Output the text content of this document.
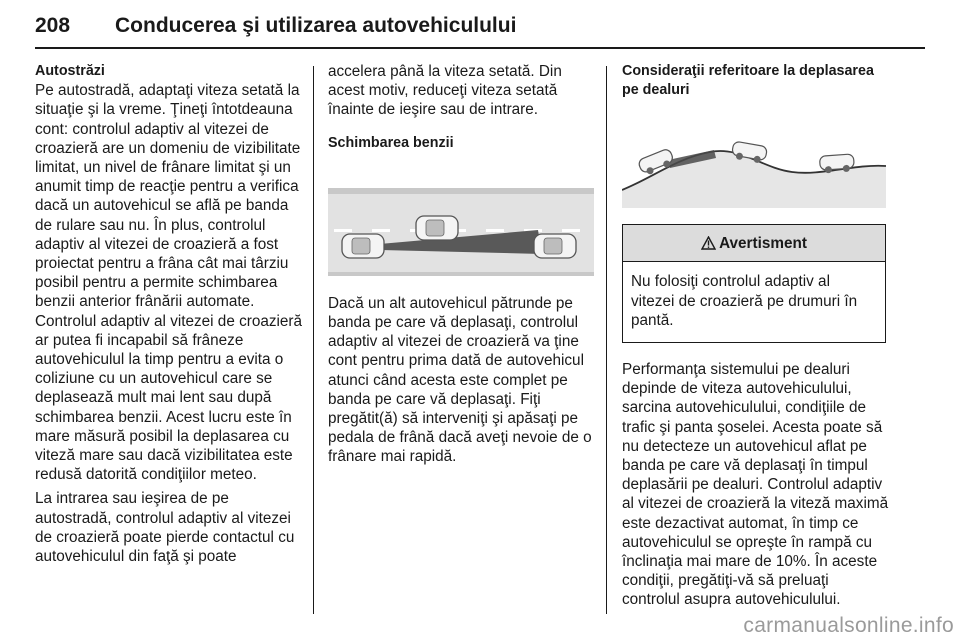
208 Conducerea şi utilizarea autovehiculului

Autostrăzi

Pe autostradă, adaptaţi viteza setată la situaţie şi la vreme. Ţineţi întotdeauna cont: controlul adaptiv al vitezei de croazieră are un domeniu de vizibilitate limitat, un nivel de frânare limitat şi un anumit timp de reacţie pentru a verifica dacă un autovehicul se află pe banda de rulare sau nu. În plus, controlul adaptiv al vitezei de croazieră a fost proiectat pentru a frâna cât mai târziu posibil pentru a permite schimbarea benzii anterior frânării automate. Controlul adaptiv al vitezei de croazieră ar putea fi incapabil să frâneze autovehiculul la timp pentru a evita o coliziune cu un autovehicul care se deplasează mult mai lent sau după schimbarea benzii. Acest lucru este în mare măsură posibil la deplasarea cu viteză mare sau dacă vizibilitatea este redusă datorită condiţiilor meteo.

La intrarea sau ieşirea de pe autostradă, controlul adaptiv al vitezei de croazieră poate pierde contactul cu autovehiculul din faţă şi poate

accelera până la viteza setată. Din acest motiv, reduceţi viteza setată înainte de ieşire sau de intrare.

Schimbarea benzii

Dacă un alt autovehicul pătrunde pe banda pe care vă deplasaţi, controlul adaptiv al vitezei de croazieră va ţine cont pentru prima dată de autovehicul atunci când acesta este complet pe banda pe care vă deplasaţi. Fiţi pregătit(ă) să interveniţi şi apăsaţi pe pedala de frână dacă aveţi nevoie de o frânare mai rapidă.

Consideraţii referitoare la deplasarea pe dealuri

Avertisment
Nu folosiţi controlul adaptiv al vitezei de croazieră pe drumuri în pantă.

Performanţa sistemului pe dealuri depinde de viteza autovehiculului, sarcina autovehiculului, condiţiile de trafic şi panta şoselei. Acesta poate să nu detecteze un autovehicul aflat pe banda pe care vă deplasaţi în timpul deplasării pe dealuri. Controlul adaptiv al vitezei de croazieră la viteză maximă este dezactivat automat, în timp ce autovehiculul se opreşte în rampă cu înclinaţia mai mare de 10%. În aceste condiţii, pregătiţi-vă să preluaţi controlul asupra autovehiculului.

carmanualsonline.info
